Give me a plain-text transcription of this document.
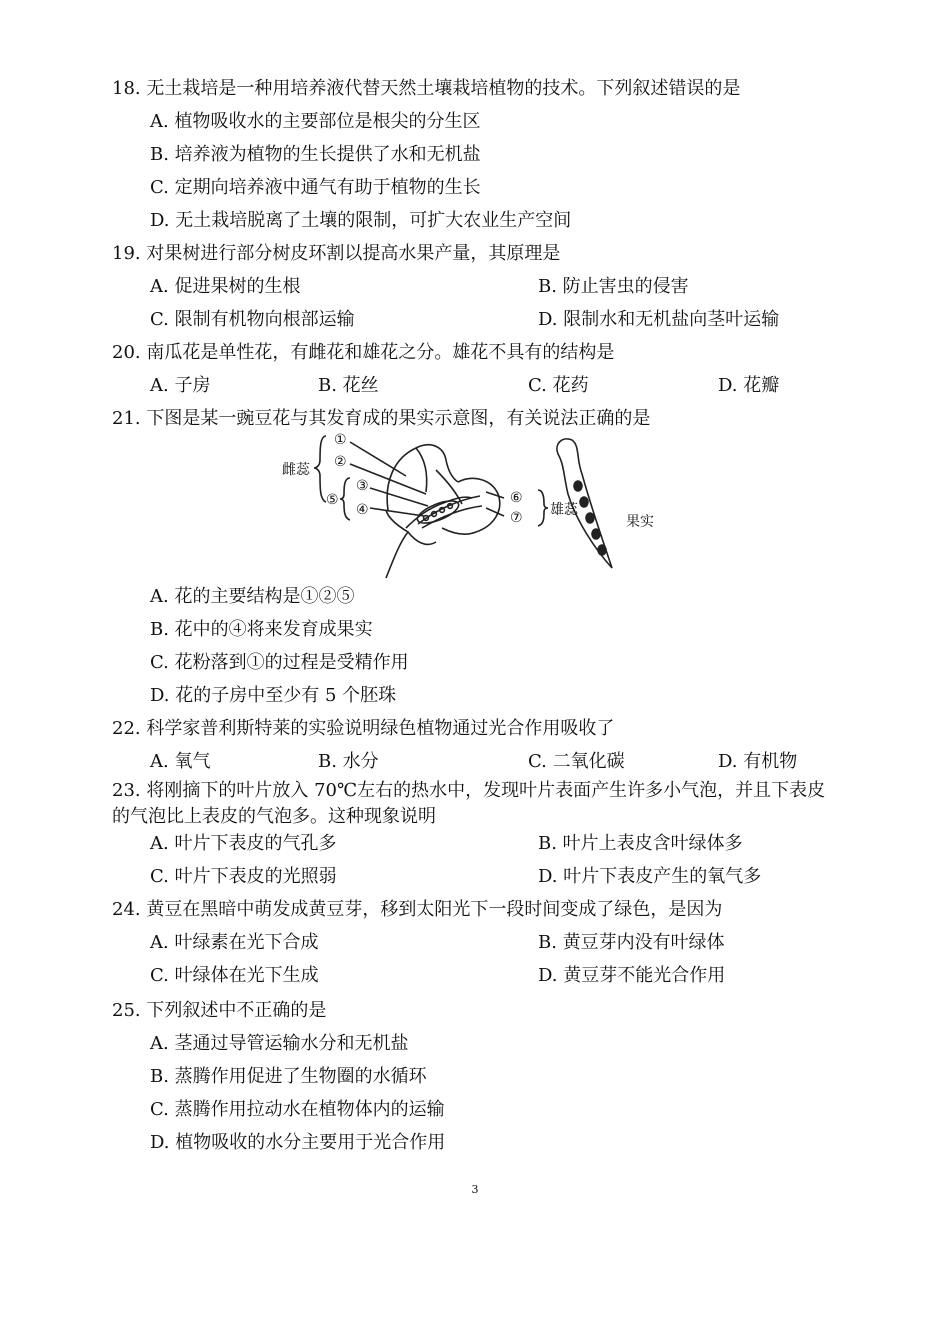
18. 无土栽培是一种用培养液代替天然土壤栽培植物的技术。下列叙述错误的是
A. 植物吸收水的主要部位是根尖的分生区
B. 培养液为植物的生长提供了水和无机盐
C. 定期向培养液中通气有助于植物的生长
D. 无土栽培脱离了土壤的限制，可扩大农业生产空间
19. 对果树进行部分树皮环割以提高水果产量，其原理是
A. 促进果树的生根	B. 防止害虫的侵害
C. 限制有机物向根部运输	D. 限制水和无机盐向茎叶运输
20. 南瓜花是单性花，有雌花和雄花之分。雄花不具有的结构是
A. 子房	B. 花丝	C. 花药	D. 花瓣
21. 下图是某一豌豆花与其发育成的果实示意图，有关说法正确的是
雌蕊
①
②
③
④
⑤	⑥
⑦ 雄蕊
果实
A. 花的主要结构是①②⑤
B. 花中的④将来发育成果实
C. 花粉落到①的过程是受精作用
D. 花的子房中至少有 5 个胚珠
22. 科学家普利斯特莱的实验说明绿色植物通过光合作用吸收了
A. 氧气	B. 水分	C. 二氧化碳	D. 有机物
23. 将刚摘下的叶片放入 70℃左右的热水中，发现叶片表面产生许多小气泡，并且下表皮的气泡比上表皮的气泡多。这种现象说明
A. 叶片下表皮的气孔多	B. 叶片上表皮含叶绿体多
C. 叶片下表皮的光照弱	D. 叶片下表皮产生的氧气多
24. 黄豆在黑暗中萌发成黄豆芽，移到太阳光下一段时间变成了绿色，是因为
A. 叶绿素在光下合成	B. 黄豆芽内没有叶绿体
C. 叶绿体在光下生成	D. 黄豆芽不能光合作用
25. 下列叙述中不正确的是
A. 茎通过导管运输水分和无机盐
B. 蒸腾作用促进了生物圈的水循环
C. 蒸腾作用拉动水在植物体内的运输
D. 植物吸收的水分主要用于光合作用
3
